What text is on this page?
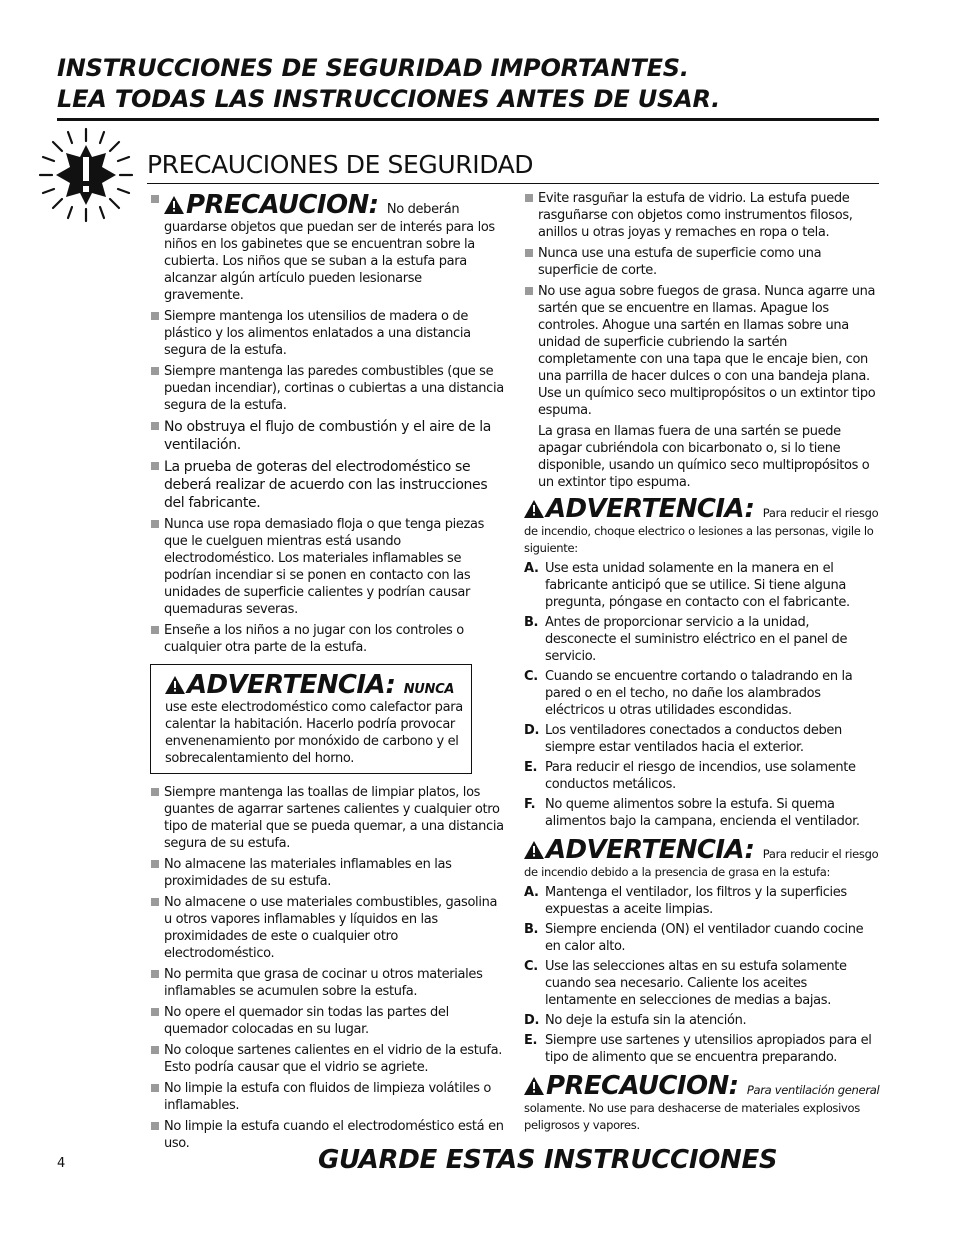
INSTRUCCIONES DE SEGURIDAD IMPORTANTES.
LEA TODAS LAS INSTRUCCIONES ANTES DE USAR.
PRECAUCIONES DE SEGURIDAD
PRECAUCION: No deberán guardarse objetos que puedan ser de interés para los niños en los gabinetes que se encuentran sobre la cubierta. Los niños que se suban a la estufa para alcanzar algún artículo pueden lesionarse gravemente.
Siempre mantenga los utensilios de madera o de plástico y los alimentos enlatados a una distancia segura de la estufa.
Siempre mantenga las paredes combustibles (que se puedan incendiar), cortinas o cubiertas a una distancia segura de la estufa.
No obstruya el flujo de combustión y el aire de la ventilación.
La prueba de goteras del electrodoméstico se deberá realizar de acuerdo con las instrucciones del fabricante.
Nunca use ropa demasiado floja o que tenga piezas que le cuelguen mientras está usando electrodoméstico. Los materiales inflamables se podrían incendiar si se ponen en contacto con las unidades de superficie calientes y podrían causar quemaduras severas.
Enseñe a los niños a no jugar con los controles o cualquier otra parte de la estufa.
ADVERTENCIA: NUNCA
use este electrodoméstico como calefactor para calentar la habitación. Hacerlo podría provocar envenenamiento por monóxido de carbono y el sobrecalentamiento del horno.
Siempre mantenga las toallas de limpiar platos, los guantes de agarrar sartenes calientes y cualquier otro tipo de material que se pueda quemar, a una distancia segura de su estufa.
No almacene las materiales inflamables en las proximidades de su estufa.
No almacene o use materiales combustibles, gasolina u otros vapores inflamables y líquidos en las proximidades de este o cualquier otro electrodoméstico.
No permita que grasa de cocinar u otros materiales inflamables se acumulen sobre la estufa.
No opere el quemador sin todas las partes del quemador colocadas en su lugar.
No coloque sartenes calientes en el vidrio de la estufa. Esto podría causar que el vidrio se agriete.
No limpie la estufa con fluidos de limpieza volátiles o inflamables.
No limpie la estufa cuando el electrodoméstico está en uso.
Evite rasguñar la estufa de vidrio. La estufa puede rasguñarse con objetos como instrumentos filosos, anillos u otras joyas y remaches en ropa o tela.
Nunca use una estufa de superficie como una superficie de corte.
No use agua sobre fuegos de grasa. Nunca agarre una sartén que se encuentre en llamas. Apague los controles. Ahogue una sartén en llamas sobre una unidad de superficie cubriendo la sartén completamente con una tapa que le encaje bien, con una parrilla de hacer dulces o con una bandeja plana. Use un químico seco multipropósitos o un extintor tipo espuma.
La grasa en llamas fuera de una sartén se puede apagar cubriéndola con bicarbonato o, si lo tiene disponible, usando un químico seco multipropósitos o un extintor tipo espuma.
ADVERTENCIA: Para reducir el riesgo de incendio, choque electrico o lesiones a las personas, vigile lo siguiente:
A. Use esta unidad solamente en la manera en el fabricante anticipó que se utilice. Si tiene alguna pregunta, póngase en contacto con el fabricante.
B. Antes de proporcionar servicio a la unidad, desconecte el suministro eléctrico en el panel de servicio.
C. Cuando se encuentre cortando o taladrando en la pared o en el techo, no dañe los alambrados eléctricos u otras utilidades escondidas.
D. Los ventiladores conectados a conductos deben siempre estar ventilados hacia el exterior.
E. Para reducir el riesgo de incendios, use solamente conductos metálicos.
F. No queme alimentos sobre la estufa. Si quema alimentos bajo la campana, encienda el ventilador.
ADVERTENCIA: Para reducir el riesgo de incendio debido a la presencia de grasa en la estufa:
A. Mantenga el ventilador, los filtros y la superficies expuestas a aceite limpias.
B. Siempre encienda (ON) el ventilador cuando cocine en calor alto.
C. Use las selecciones altas en su estufa solamente cuando sea necesario. Caliente los aceites lentamente en selecciones de medias a bajas.
D. No deje la estufa sin la atención.
E. Siempre use sartenes y utensilios apropiados para el tipo de alimento que se encuentra preparando.
PRECAUCION: Para ventilación general solamente. No use para deshacerse de materiales explosivos peligrosos y vapores.
4	GUARDE ESTAS INSTRUCCIONES
